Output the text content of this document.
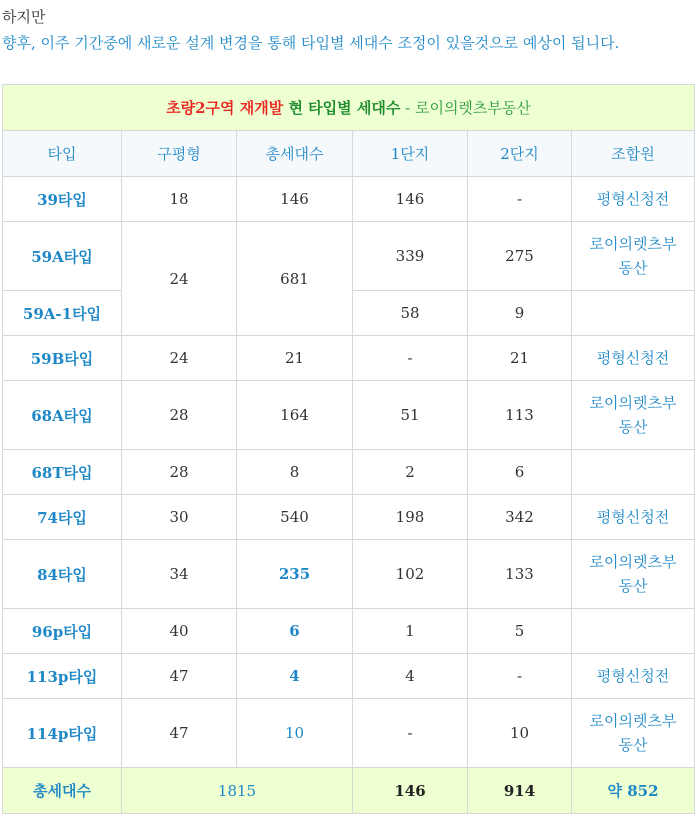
하지만
향후, 이주 기간중에 새로운 설계 변경을 통해 타입별 세대수 조정이 있을것으로 예상이 됩니다.
초량2구역 재개발 현 타입별 세대수 - 로이의렛츠부동산					
타입	구평형	총세대수	1단지	2단지	조합원
39타입	18	146	146	-	평형신청전
59A타입	24	681	339	275	로이의렛츠부
동산
59A-1타입			58	9	
59B타입	24	21	-	21	평형신청전
68A타입	28	164	51	113	로이의렛츠부
동산
68T타입	28	8	2	6	
74타입	30	540	198	342	평형신청전
84타입	34	235	102	133	로이의렛츠부
동산
96p타입	40	6	1	5	
113p타입	47	4	4	-	평형신청전
114p타입	47	10	-	10	로이의렛츠부
동산
총세대수	1815		146	914	약 852
